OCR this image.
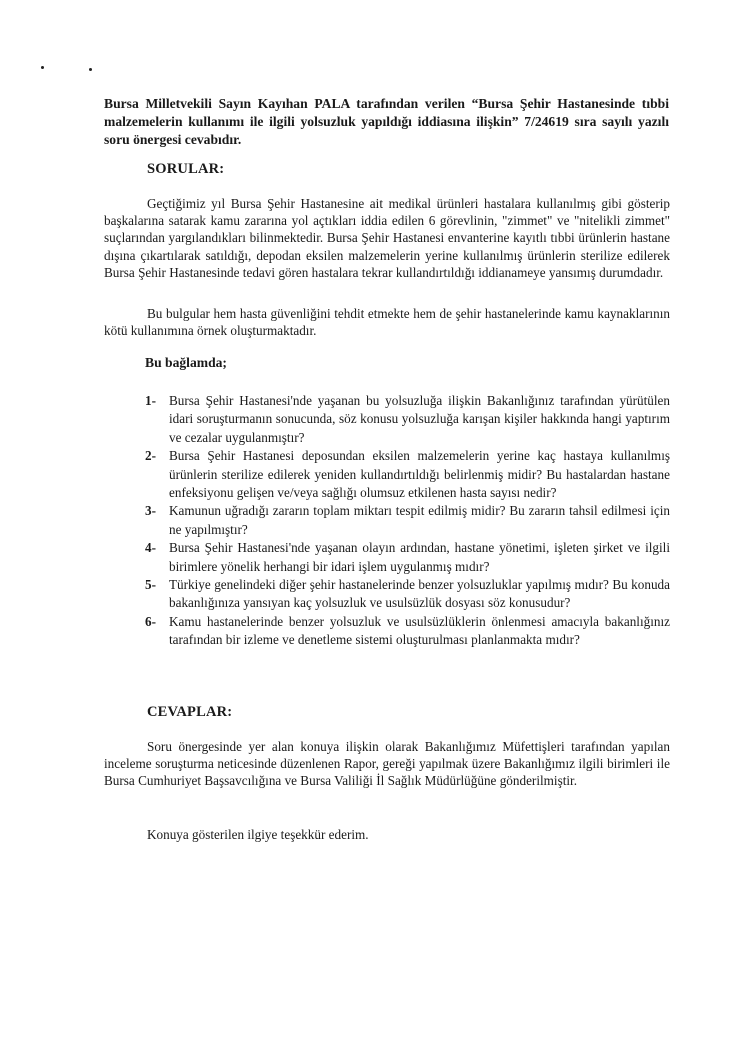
Bursa Milletvekili Sayın Kayıhan PALA tarafından verilen “Bursa Şehir Hastanesinde tıbbi malzemelerin kullanımı ile ilgili yolsuzluk yapıldığı iddiasına ilişkin” 7/24619 sıra sayılı yazılı soru önergesi cevabıdır.
SORULAR:
Geçtiğimiz yıl Bursa Şehir Hastanesine ait medikal ürünleri hastalara kullanılmış gibi gösterip başkalarına satarak kamu zararına yol açtıkları iddia edilen 6 görevlinin, "zimmet" ve "nitelikli zimmet" suçlarından yargılandıkları bilinmektedir. Bursa Şehir Hastanesi envanterine kayıtlı tıbbi ürünlerin hastane dışına çıkartılarak satıldığı, depodan eksilen malzemelerin yerine kullanılmış ürünlerin sterilize edilerek Bursa Şehir Hastanesinde tedavi gören hastalara tekrar kullandırtıldığı iddianameye yansımış durumdadır.
Bu bulgular hem hasta güvenliğini tehdit etmekte hem de şehir hastanelerinde kamu kaynaklarının kötü kullanımına örnek oluşturmaktadır.
Bu bağlamda;
1- Bursa Şehir Hastanesi'nde yaşanan bu yolsuzluğa ilişkin Bakanlığınız tarafından yürütülen idari soruşturmanın sonucunda, söz konusu yolsuzluğa karışan kişiler hakkında hangi yaptırım ve cezalar uygulanmıştır?
2- Bursa Şehir Hastanesi deposundan eksilen malzemelerin yerine kaç hastaya kullanılmış ürünlerin sterilize edilerek yeniden kullandırtıldığı belirlenmiş midir? Bu hastalardan hastane enfeksiyonu gelişen ve/veya sağlığı olumsuz etkilenen hasta sayısı nedir?
3- Kamunun uğradığı zararın toplam miktarı tespit edilmiş midir? Bu zararın tahsil edilmesi için ne yapılmıştır?
4- Bursa Şehir Hastanesi'nde yaşanan olayın ardından, hastane yönetimi, işleten şirket ve ilgili birimlere yönelik herhangi bir idari işlem uygulanmış mıdır?
5- Türkiye genelindeki diğer şehir hastanelerinde benzer yolsuzluklar yapılmış mıdır? Bu konuda bakanlığınıza yansıyan kaç yolsuzluk ve usulsüzlük dosyası söz konusudur?
6- Kamu hastanelerinde benzer yolsuzluk ve usulsüzlüklerin önlenmesi amacıyla bakanlığınız tarafından bir izleme ve denetleme sistemi oluşturulması planlanmakta mıdır?
CEVAPLAR:
Soru önergesinde yer alan konuya ilişkin olarak Bakanlığımız Müfettişleri tarafından yapılan inceleme soruşturma neticesinde düzenlenen Rapor, gereği yapılmak üzere Bakanlığımız ilgili birimleri ile Bursa Cumhuriyet Başsavcılığına ve Bursa Valiliği İl Sağlık Müdürlüğüne gönderilmiştir.
Konuya gösterilen ilgiye teşekkür ederim.
